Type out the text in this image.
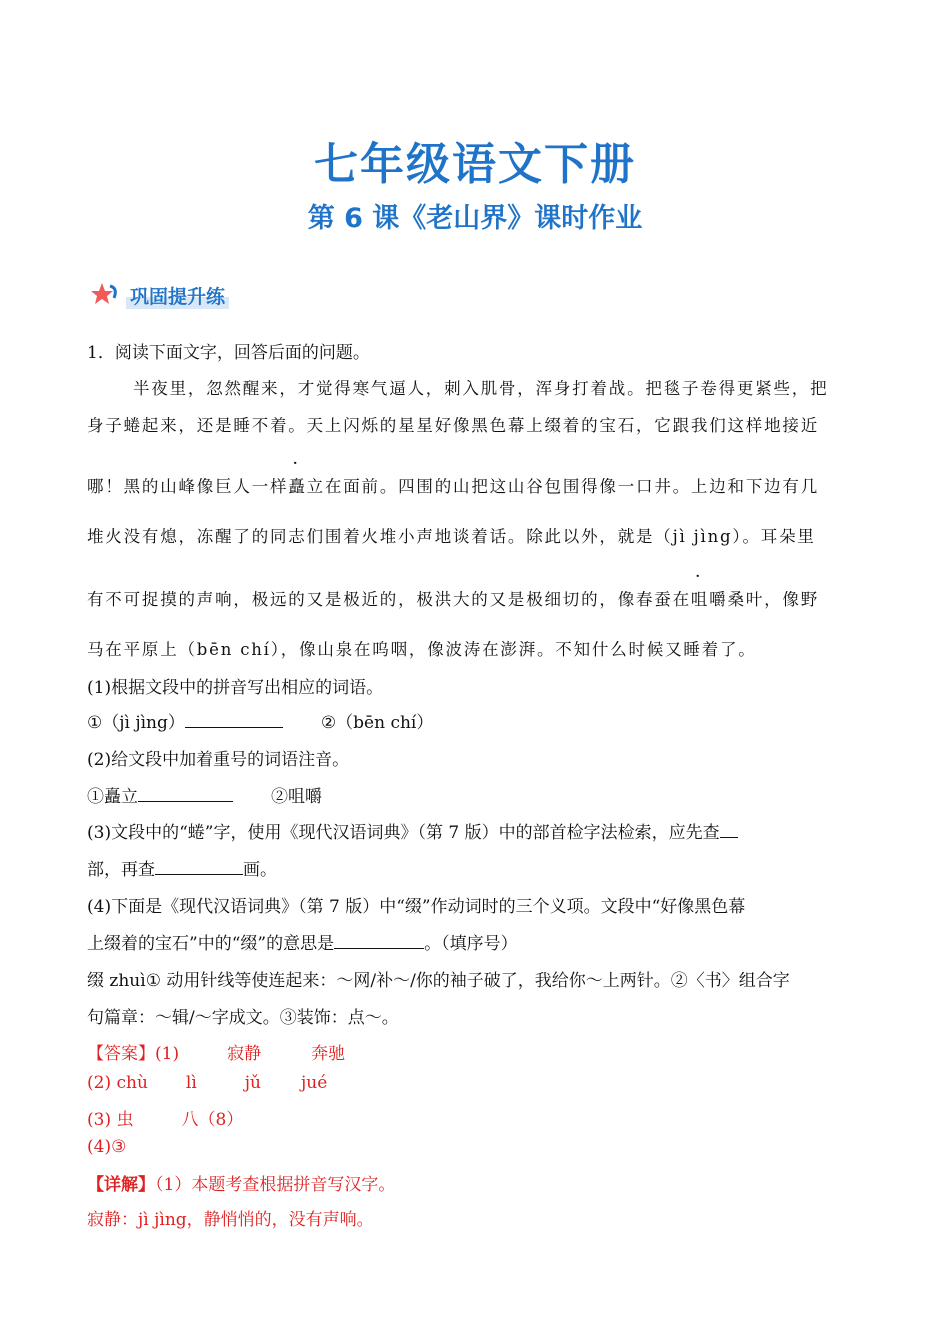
七年级语文下册
第 6 课《老山界》课时作业
巩固提升练
1．阅读下面文字，回答后面的问题。
半夜里，忽然醒来，才觉得寒气逼人，刺入肌骨，浑身打着战。把毯子卷得更紧些，把
身子蜷起来，还是睡不着。天上闪烁的星星好像黑色幕上缀着的宝石，它跟我们这样地接近
哪！黑的山峰像巨人一样矗立在面前。四围的山把这山谷包围得像一口井。上边和下边有几
堆火没有熄，冻醒了的同志们围着火堆小声地谈着话。除此以外，就是（jì jìng）。耳朵里
有不可捉摸的声响，极远的又是极近的，极洪大的又是极细切的，像春蚕在咀嚼桑叶，像野
马在平原上（bēn chí），像山泉在呜咽，像波涛在澎湃。不知什么时候又睡着了。
(1)根据文段中的拼音写出相应的词语。
①（jì jìng）	②（bēn chí）
(2)给文段中加着重号的词语注音。
①矗立	②咀嚼
(3)文段中的“蜷”字，使用《现代汉语词典》（第 7 版）中的部首检字法检索，应先查
部，再查	画。
(4)下面是《现代汉语词典》（第 7 版）中“缀”作动词时的三个义项。文段中“好像黑色幕
上缀着的宝石”中的“缀”的意思是	。（填序号）
缀 zhuì① 动用针线等使连起来：～网/补～/你的袖子破了，我给你～上两针。②〈书〉组合字
句篇章：～辑/～字成文。③装饰：点～。
【答案】(1)	寂静	奔驰
(2) chù lì	jǔ jué
(3) 虫	八（8）
(4)③
【详解】（1）本题考查根据拼音写汉字。
寂静：jì jìng，静悄悄的，没有声响。
